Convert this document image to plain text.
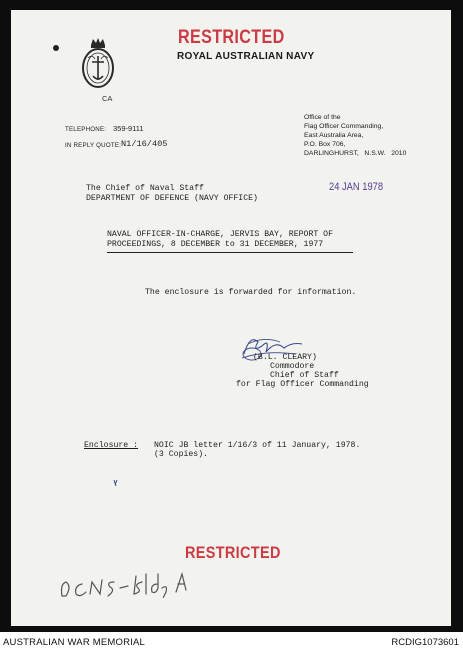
RESTRICTED
ROYAL AUSTRALIAN NAVY
CA
Office of the
Flag Officer Commanding,
East Australia Area,
P.O. Box 706,
DARLINGHURST,   N.S.W.   2010
TELEPHONE: 359-9111
IN REPLY QUOTE: N1/16/405
The Chief of Naval Staff
DEPARTMENT OF DEFENCE (NAVY OFFICE)
24 JAN 1978
NAVAL OFFICER-IN-CHARGE, JERVIS BAY, REPORT OF
PROCEEDINGS, 8 DECEMBER to 31 DECEMBER, 1977
The enclosure is forwarded for information.
(B.L. CLEARY)
Commodore
Chief of Staff
for Flag Officer Commanding
Enclosure : NOIC JB letter 1/16/3 of 11 January, 1978.
(3 Copies).
RESTRICTED
AUSTRALIAN WAR MEMORIAL	RCDIG1073601
